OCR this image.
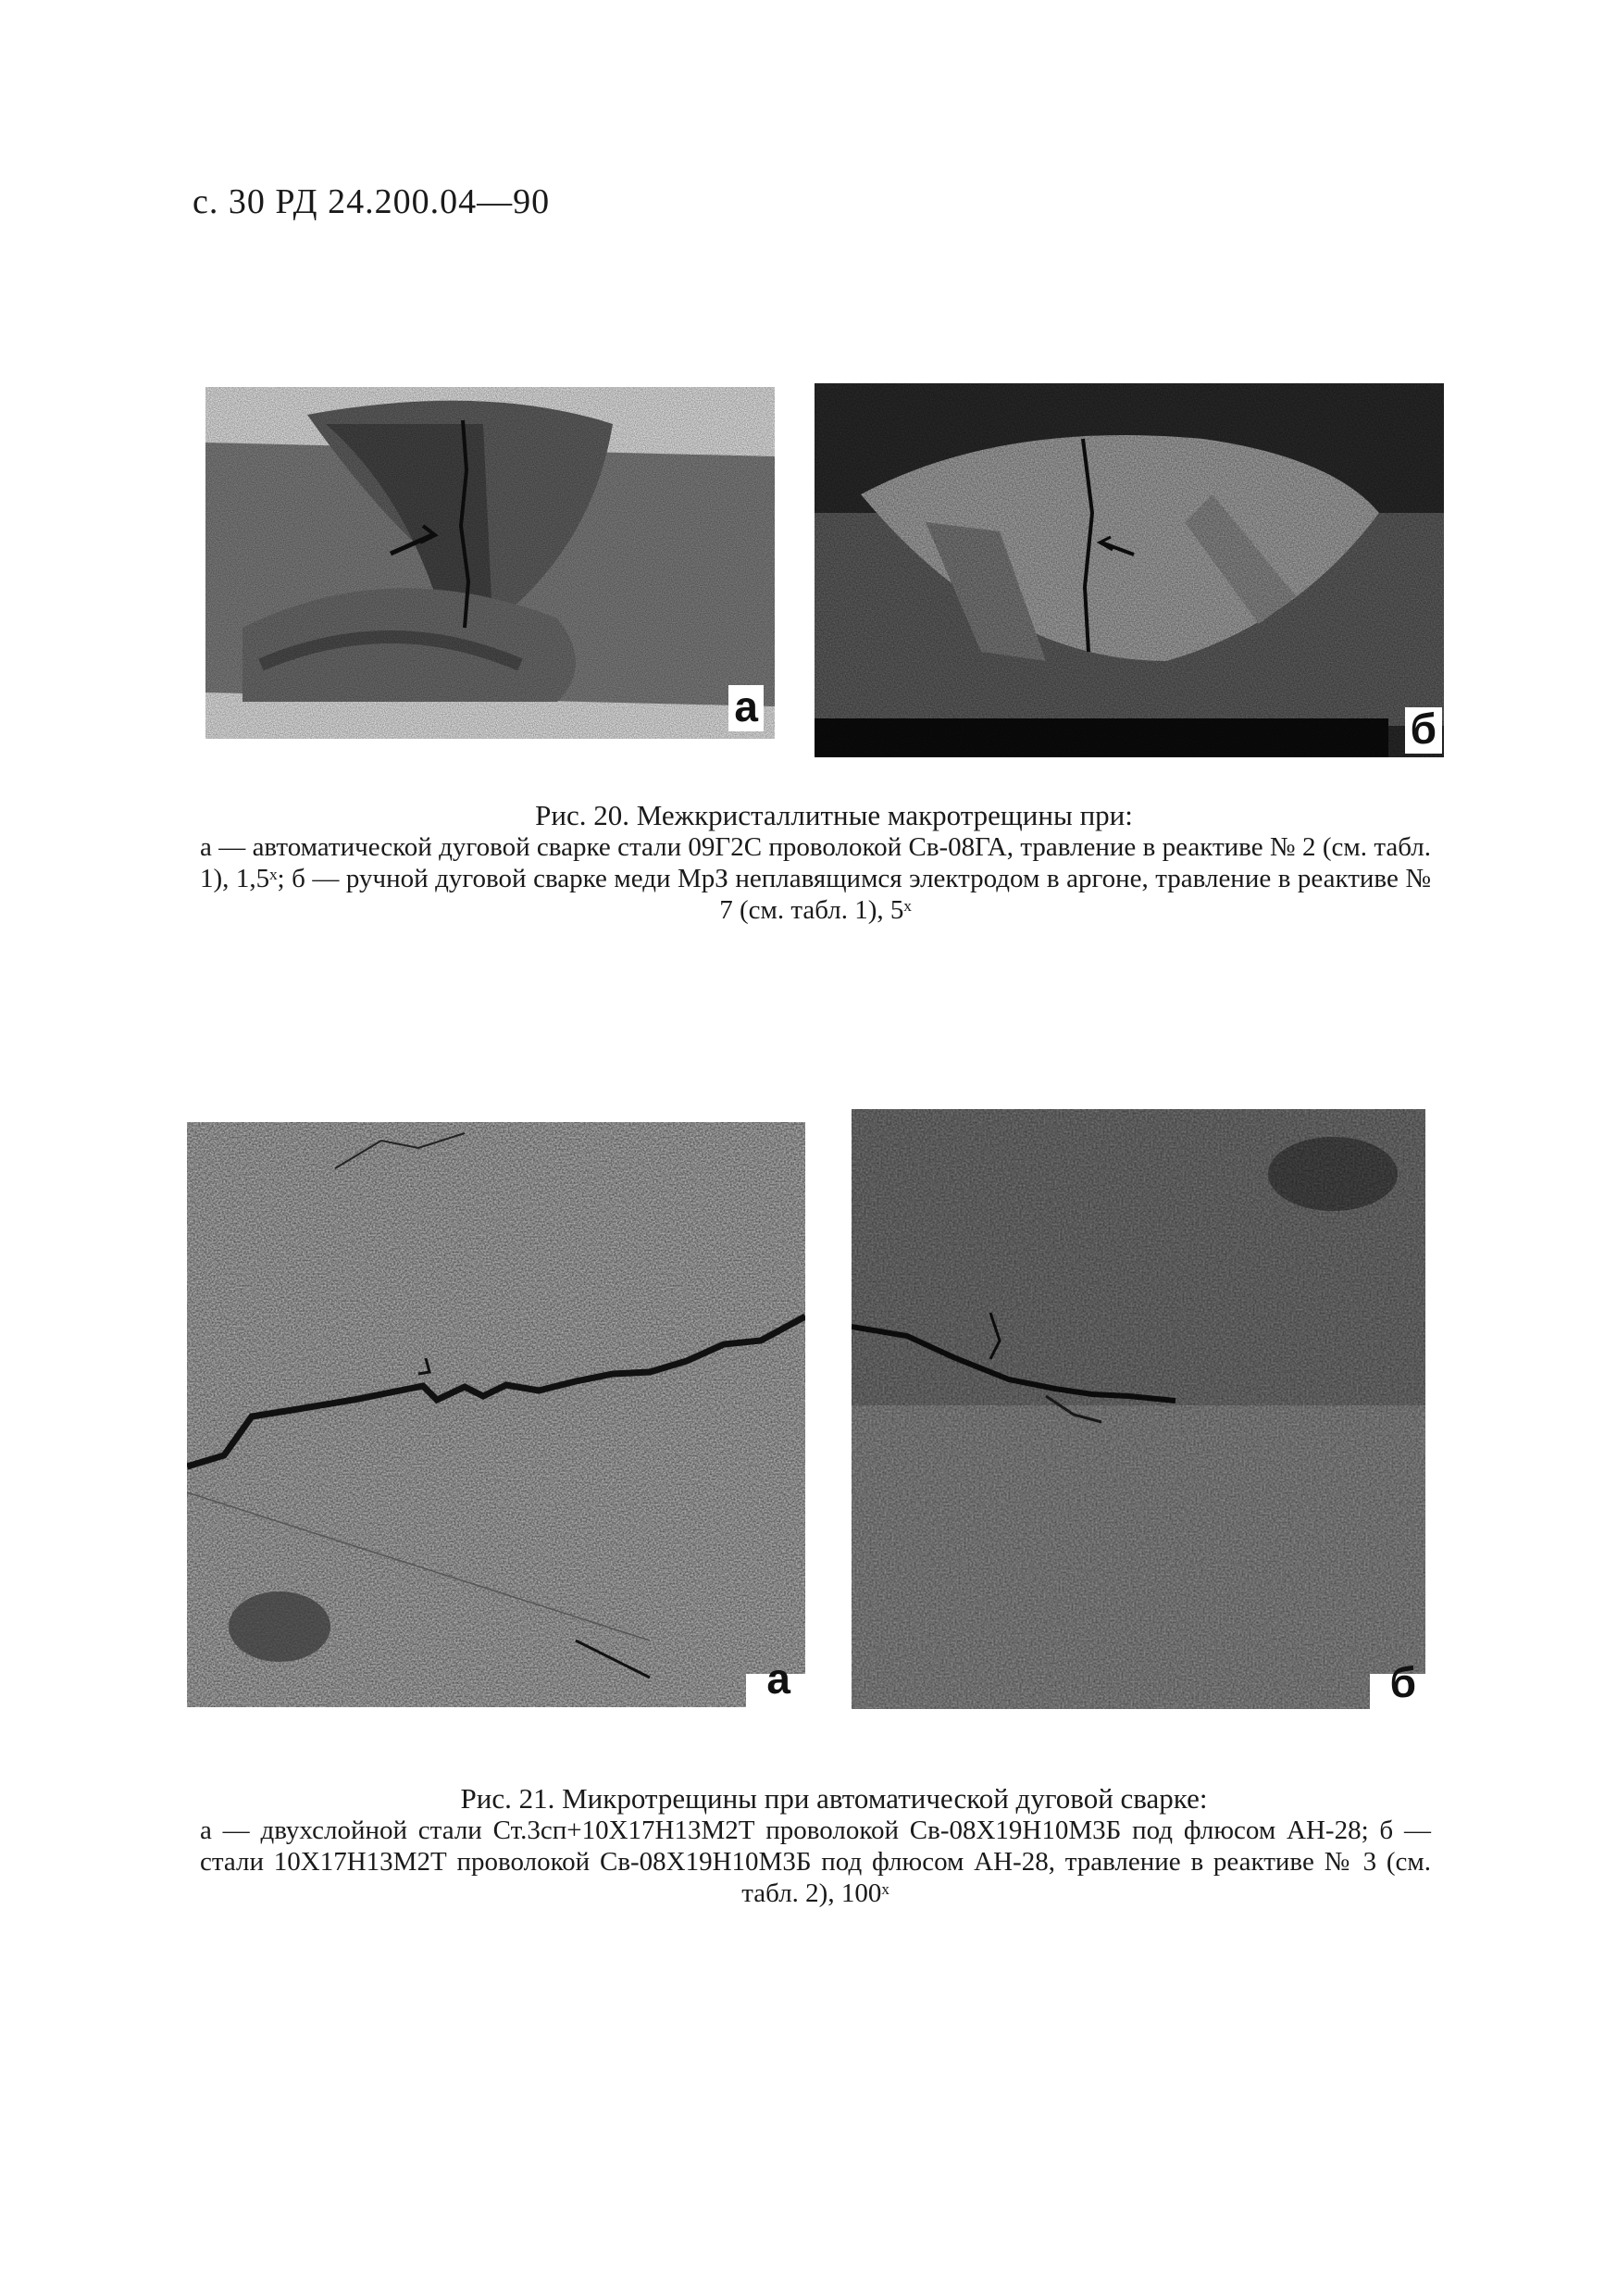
с. 30 РД 24.200.04—90
а	б
Рис. 20. Межкристаллитные макротрещины при:
а — автоматической дуговой сварке стали 09Г2С проволокой Св-08ГА, травление в реактиве № 2 (см. табл. 1), 1,5ˣ; б — ручной дуговой сварке меди МрЗ неплавящимся электродом в аргоне, травление в реактиве № 7 (см. табл. 1), 5ˣ
а	б
Рис. 21. Микротрещины при автоматической дуговой сварке:
а — двухслойной стали Ст.3сп+10Х17Н13М2Т проволокой Св-08Х19Н10М3Б под флюсом АН-28; б — стали 10Х17Н13М2Т проволокой Св-08Х19Н10М3Б под флюсом АН-28, травление в реактиве № 3 (см. табл. 2), 100ˣ
